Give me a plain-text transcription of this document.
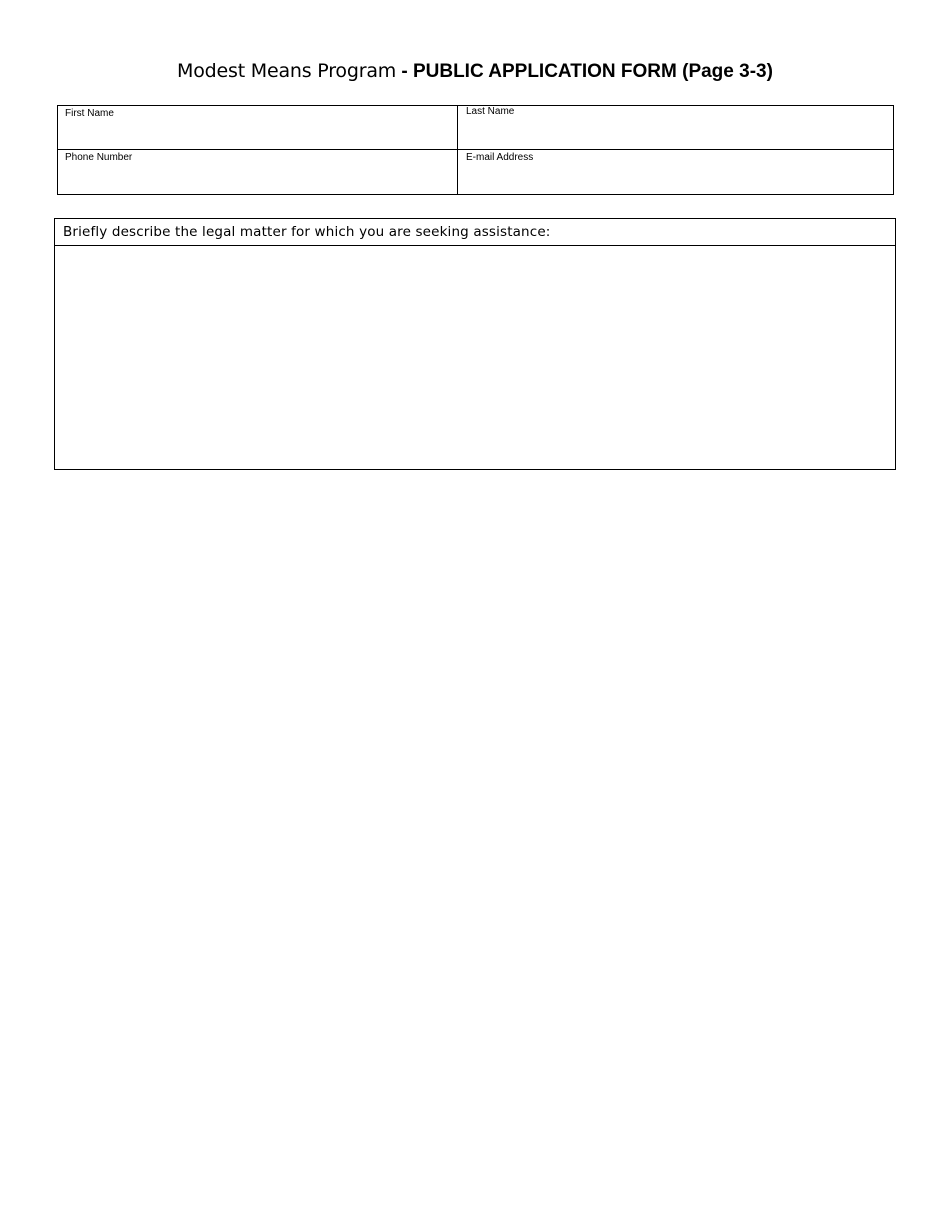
Modest Means Program - PUBLIC APPLICATION FORM (Page 3-3)
First Name	Last Name
Phone Number	E-mail Address
Briefly describe the legal matter for which you are seeking assistance:
